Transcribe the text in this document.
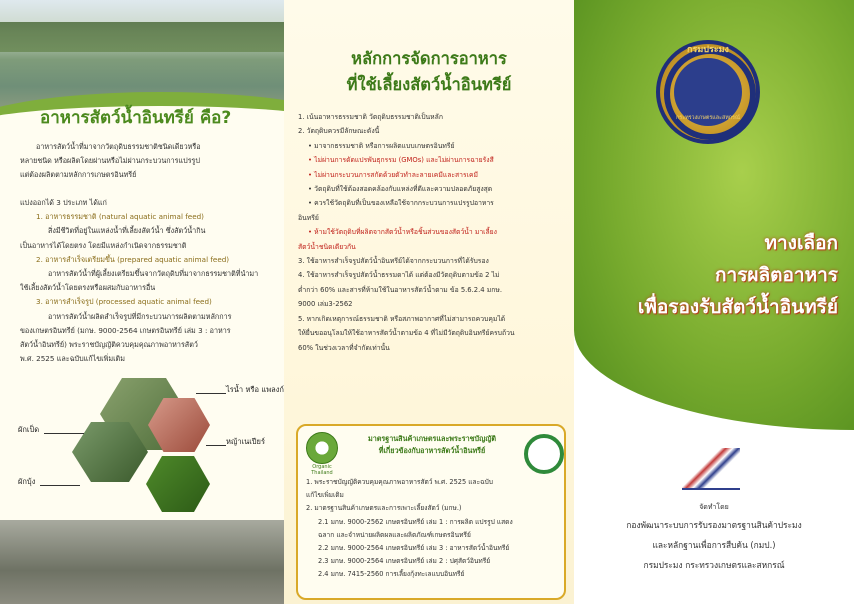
อาหารสัตว์น้ำอินทรีย์ คือ?
อาหารสัตว์น้ำที่มาจากวัตถุดิบธรรมชาติชนิดเดียวหรือ
หลายชนิด หรือผลิตโดยผ่านหรือไม่ผ่านกระบวนการแปรรูป
แต่ต้องผลิตตามหลักการเกษตรอินทรีย์
แบ่งออกได้ 3 ประเภท ได้แก่
1. อาหารธรรมชาติ (natural aquatic animal feed)
สิ่งมีชีวิตที่อยู่ในแหล่งน้ำที่เลี้ยงสัตว์น้ำ ซึ่งสัตว์น้ำกิน
เป็นอาหารได้โดยตรง โดยมีแหล่งกำเนิดจากธรรมชาติ
2. อาหารสำเร็จเตรียมขึ้น (prepared aquatic animal feed)
อาหารสัตว์น้ำที่ผู้เลี้ยงเตรียมขึ้นจากวัตถุดิบที่มาจากธรรมชาติที่นำมา
ใช้เลี้ยงสัตว์น้ำโดยตรงหรือผสมกับอาหารอื่น
3. อาหารสำเร็จรูป (processed aquatic animal feed)
อาหารสัตว์น้ำผลิตสำเร็จรูปที่มีกระบวนการผลิตตามหลักการ
ของเกษตรอินทรีย์ (มกษ. 9000-2564 เกษตรอินทรีย์ เล่ม 3 : อาหาร
สัตว์น้ำอินทรีย์) พระราชบัญญัติควบคุมคุณภาพอาหารสัตว์
พ.ศ. 2525 และฉบับแก้ไขเพิ่มเติม
ไรน้ำ หรือ แพลงก์
ผักเป็ด
หญ้าเนเปียร์
ผักบุ้ง
หลักการจัดการอาหาร
ที่ใช้เลี้ยงสัตว์น้ำอินทรีย์
1. เน้นอาหารธรรมชาติ วัตถุดิบธรรมชาติเป็นหลัก
2. วัตถุดิบควรมีลักษณะดังนี้
• มาจากธรรมชาติ หรือการผลิตแบบเกษตรอินทรีย์
• ไม่ผ่านการดัดแปรพันธุกรรม (GMOs) และไม่ผ่านการฉายรังสี
• ไม่ผ่านกระบวนการสกัดด้วยตัวทำละลายเคมีและสารเคมี
• วัตถุดิบที่ใช้ต้องสอดคล้องกับแหล่งที่ดีและความปลอดภัยสูงสุด
• ควรใช้วัตถุดิบที่เป็นของเหลือใช้จากกระบวนการแปรรูปอาหาร
อินทรีย์
• ห้ามใช้วัตถุดิบที่ผลิตจากสัตว์น้ำหรือชิ้นส่วนของสัตว์น้ำ มาเลี้ยง
สัตว์น้ำชนิดเดียวกัน
3. ใช้อาหารสำเร็จรูปสัตว์น้ำอินทรีย์ได้จากกระบวนการที่ได้รับรอง
4. ใช้อาหารสำเร็จรูปสัตว์น้ำธรรมดาได้ แต่ต้องมีวัตถุดิบตามข้อ 2 ไม่
ต่ำกว่า 60% และสารที่ห้ามใช้ในอาหารสัตว์น้ำตาม ข้อ 5.6.2.4 มกษ.
9000 เล่ม3-2562
5. หากเกิดเหตุการณ์ธรรมชาติ หรือสภาพอากาศที่ไม่สามารถควบคุมได้
ให้ยื่นขออนุโลมให้ใช้อาหารสัตว์น้ำตามข้อ 4 ที่ไม่มีวัตถุดิบอินทรีย์ครบถ้วน
60% ในช่วงเวลาที่จำกัดเท่านั้น
Organic Thailand
มาตรฐานสินค้าเกษตรและพระราชบัญญัติ
ที่เกี่ยวข้องกับอาหารสัตว์น้ำอินทรีย์
1. พระราชบัญญัติควบคุมคุณภาพอาหารสัตว์ พ.ศ. 2525 และฉบับ
แก้ไขเพิ่มเติม
2. มาตรฐานสินค้าเกษตรและการเพาะเลี้ยงสัตว์ (มกษ.)
2.1 มกษ. 9000-2562 เกษตรอินทรีย์ เล่ม 1 : การผลิต แปรรูป แสดง
ฉลาก และจำหน่ายผลิตผลและผลิตภัณฑ์เกษตรอินทรีย์
2.2 มกษ. 9000-2564 เกษตรอินทรีย์ เล่ม 3 : อาหารสัตว์น้ำอินทรีย์
2.3 มกษ. 9000-2564 เกษตรอินทรีย์ เล่ม 2 : ปศุสัตว์อินทรีย์
2.4 มกษ. 7415-2560 การเลี้ยงกุ้งทะเลแบบอินทรีย์
กรมประมง
กระทรวงเกษตรและสหกรณ์
ทางเลือก
การผลิตอาหาร
เพื่อรองรับสัตว์น้ำอินทรีย์
จัดทำโดย
กองพัฒนาระบบการรับรองมาตรฐานสินค้าประมง
และหลักฐานเพื่อการสืบค้น (กมป.)
กรมประมง กระทรวงเกษตรและสหกรณ์
